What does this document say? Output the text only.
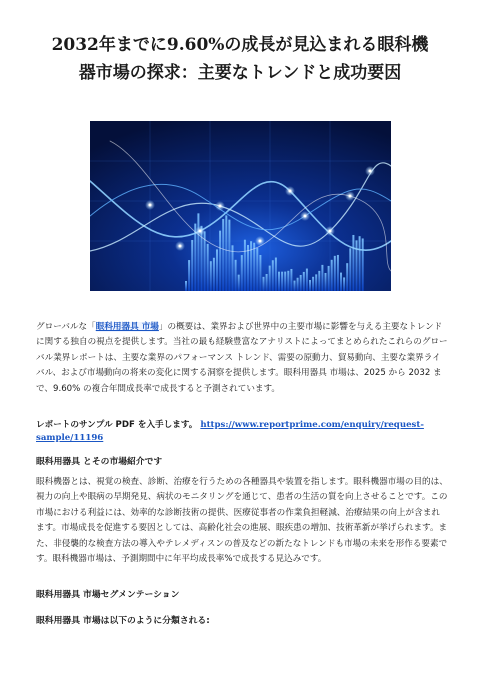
2032年までに9.60%の成長が見込まれる眼科機
器市場の探求：主要なトレンドと成功要因
グローバルな「眼科用器具 市場」の概要は、業界および世界中の主要市場に影響を与える主要なトレンドに関する独自の視点を提供します。当社の最も経験豊富なアナリストによってまとめられたこれらのグローバル業界レポートは、主要な業界のパフォーマンス トレンド、需要の原動力、貿易動向、主要な業界ライバル、および市場動向の将来の変化に関する洞察を提供します。眼科用器具 市場は、2025 から 2032 まで、9.60% の複合年間成長率で成長すると予測されています。
レポートのサンプル PDF を入手します。 https://www.reportprime.com/enquiry/request-sample/11196
眼科用器具 とその市場紹介です
眼科機器とは、視覚の検査、診断、治療を行うための各種器具や装置を指します。眼科機器市場の目的は、視力の向上や眼病の早期発見、病状のモニタリングを通じて、患者の生活の質を向上させることです。この市場における利益には、効率的な診断技術の提供、医療従事者の作業負担軽減、治療結果の向上が含まれます。市場成長を促進する要因としては、高齢化社会の進展、眼疾患の増加、技術革新が挙げられます。また、非侵襲的な検査方法の導入やテレメディスンの普及などの新たなトレンドも市場の未来を形作る要素です。眼科機器市場は、予測期間中に年平均成長率%で成長する見込みです。
眼科用器具 市場セグメンテーション
眼科用器具 市場は以下のように分類される:
